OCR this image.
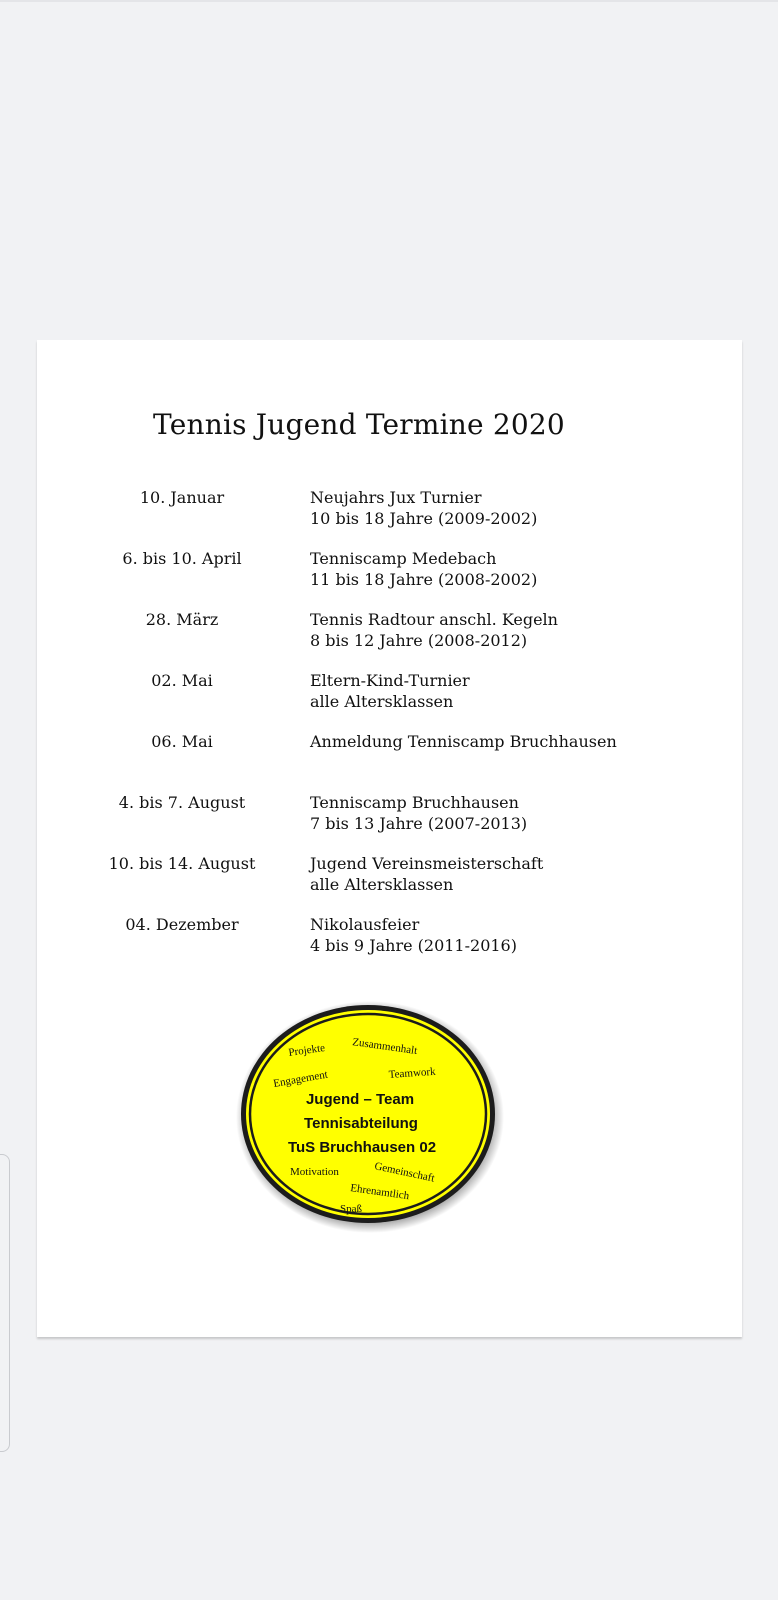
Tennis Jugend Termine 2020
10. Januar	Neujahrs Jux Turnier
10 bis 18 Jahre (2009-2002)
6. bis 10. April	Tenniscamp Medebach
11 bis 18 Jahre (2008-2002)
28. März	Tennis Radtour anschl. Kegeln
8 bis 12 Jahre (2008-2012)
02. Mai	Eltern-Kind-Turnier
alle Altersklassen
06. Mai	Anmeldung Tenniscamp Bruchhausen
4. bis 7. August	Tenniscamp Bruchhausen
7 bis 13 Jahre (2007-2013)
10. bis 14. August	Jugend Vereinsmeisterschaft
alle Altersklassen
04. Dezember	Nikolausfeier
4 bis 9 Jahre (2011-2016)
Projekte Zusammenhalt
Engagement	Teamwork
Jugend – Team
Tennisabteilung
TuS Bruchhausen 02
Motivation	Gemeinschaft
Ehrenamtlich
Spaß
